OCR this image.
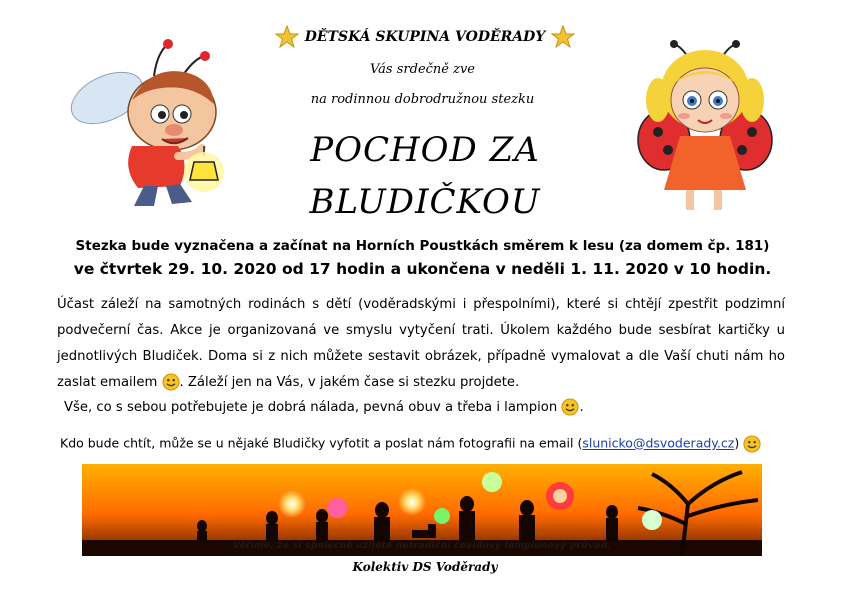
DĚTSKÁ SKUPINA VODĚRADY
Vás srdečně zve
na rodinnou dobrodružnou stezku
POCHOD ZA
BLUDIČKOU
Stezka bude vyznačena a začínat na Horních Poustkách směrem k lesu (za domem čp. 181)
ve čtvrtek 29. 10. 2020 od 17 hodin a ukončena v neděli 1. 11. 2020 v 10 hodin.
Účast záleží na samotných rodinách s dětí (voděradskými i přespolními), které si chtějí zpestřit podzimní podvečerní čas. Akce je organizovaná ve smyslu vytyčení trati. Úkolem každého bude sesbírat kartičky u jednotlivých Bludiček. Doma si z nich můžete sestavit obrázek, případně vymalovat a dle Vaší chuti nám ho zaslat emailem . Záleží jen na Vás, v jakém čase si stezku projdete.
Vše, co s sebou potřebujete je dobrá nálada, pevná obuv a třeba i lampion .
Kdo bude chtít, může se u nějaké Bludičky vyfotit a poslat nám fotografii na email (slunicko@dsvoderady.cz)
Věříme, že si společně užijete netradiční covidový lampionový průvod.
Kolektiv DS Voděrady
